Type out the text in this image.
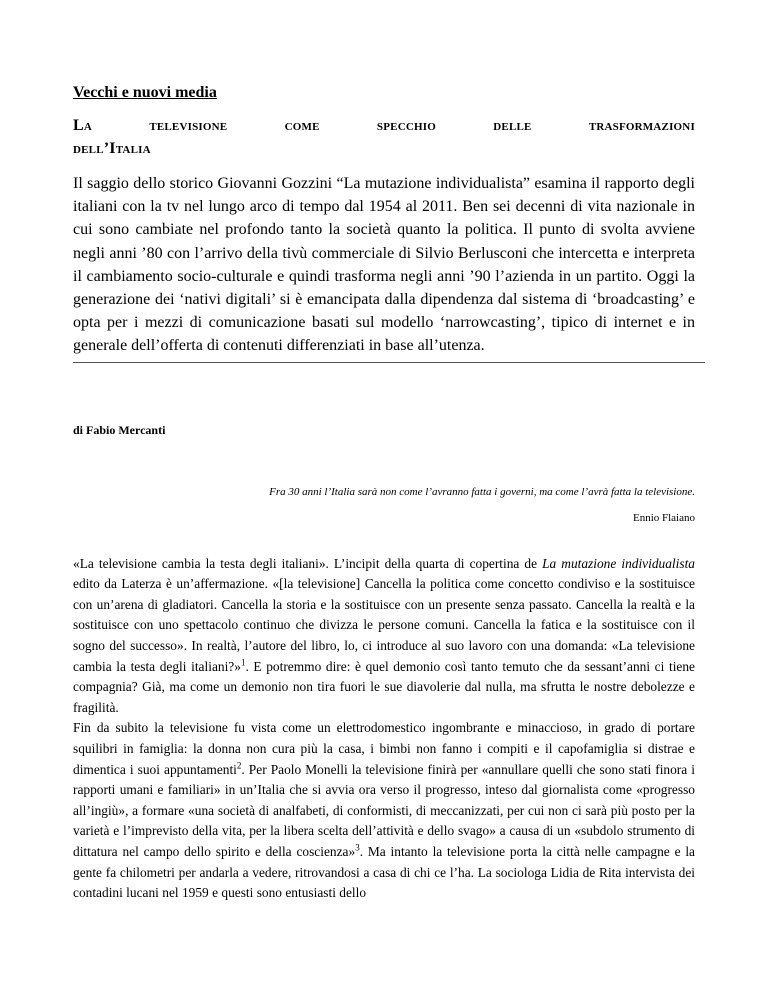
Vecchi e nuovi media

La	televisione	come	specchio	delle	trasformazioni
dell’Italia

Il saggio dello storico Giovanni Gozzini “La mutazione individualista” esamina il rapporto degli italiani con la tv nel lungo arco di tempo dal 1954 al 2011. Ben sei decenni di vita nazionale in cui sono cambiate nel profondo tanto la società quanto la politica. Il punto di svolta avviene negli anni ’80 con l’arrivo della tivù commerciale di Silvio Berlusconi che intercetta e interpreta il cambiamento socio-culturale e quindi trasforma negli anni ’90 l’azienda in un partito. Oggi la generazione dei ‘nativi digitali’ si è emancipata dalla dipendenza dal sistema di ‘broadcasting’ e opta per i mezzi di comunicazione basati sul modello ‘narrowcasting’, tipico di internet e in generale dell’offerta di contenuti differenziati in base all’utenza.

di Fabio Mercanti

Fra 30 anni l’Italia sarà non come l’avranno fatta i governi, ma come l’avrà fatta la televisione.

Ennio Flaiano

«La televisione cambia la testa degli italiani». L’incipit della quarta di copertina de La mutazione individualista edito da Laterza è un’affermazione. «[la televisione] Cancella la politica come concetto condiviso e la sostituisce con un’arena di gladiatori. Cancella la storia e la sostituisce con un presente senza passato. Cancella la realtà e la sostituisce con uno spettacolo continuo che divizza le persone comuni. Cancella la fatica e la sostituisce con il sogno del successo». In realtà, l’autore del libro, lo, ci introduce al suo lavoro con una domanda: «La televisione cambia la testa degli italiani?»$^1$. E potremmo dire: è quel demonio così tanto temuto che da sessant’anni ci tiene compagnia? Già, ma come un demonio non tira fuori le sue diavolerie dal nulla, ma sfrutta le nostre debolezze e fragilità.

Fin da subito la televisione fu vista come un elettrodomestico ingombrante e minaccioso, in grado di portare squilibri in famiglia: la donna non cura più la casa, i bimbi non fanno i compiti e il capofamiglia si distrae e dimentica i suoi appuntamenti$^2$. Per Paolo Monelli la televisione finirà per «annullare quelli che sono stati finora i rapporti umani e familiari» in un’Italia che si avvia ora verso il progresso, inteso dal giornalista come «progresso all’ingiù», a formare «una società di analfabeti, di conformisti, di meccanizzati, per cui non ci sarà più posto per la varietà e l’imprevisto della vita, per la libera scelta dell’attività e dello svago» a causa di un «subdolo strumento di dittatura nel campo dello spirito e della coscienza»$^3$. Ma intanto la televisione porta la città nelle campagne e la gente fa chilometri per andarla a vedere, ritrovandosi a casa di chi ce l’ha. La sociologa Lidia de Rita intervista dei contadini lucani nel 1959 e questi sono entusiasti dello
